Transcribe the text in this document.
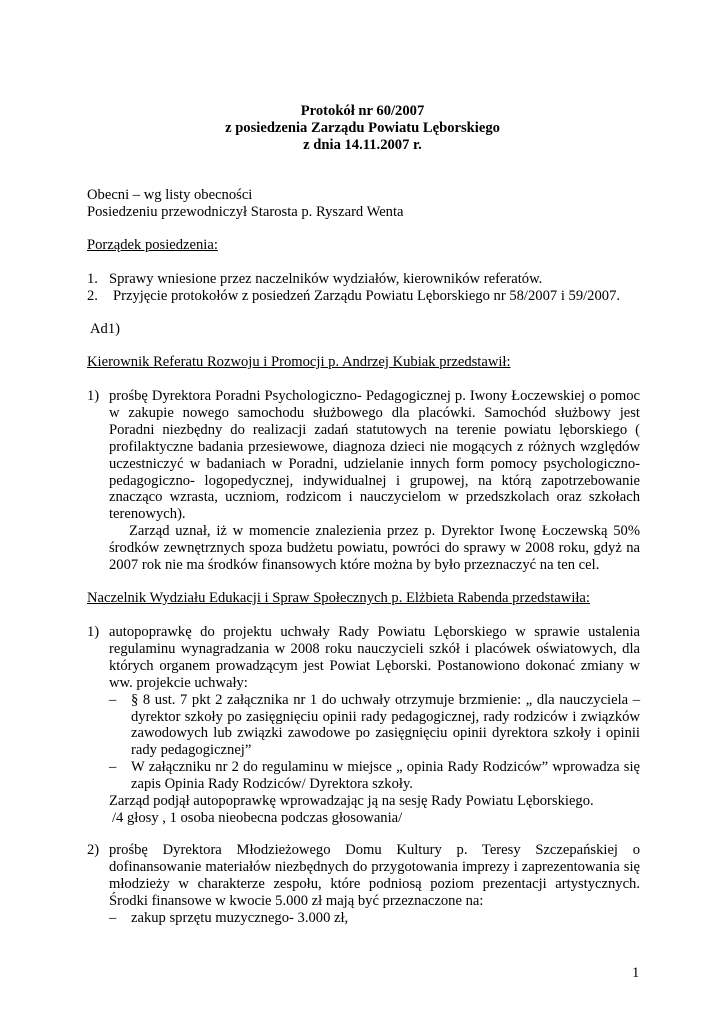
Protokół nr 60/2007
z posiedzenia Zarządu Powiatu Lęborskiego
z dnia 14.11.2007 r.
Obecni – wg listy obecności
Posiedzeniu przewodniczył Starosta p. Ryszard Wenta
Porządek posiedzenia:
1. Sprawy wniesione przez naczelników wydziałów, kierowników referatów.
2. Przyjęcie protokołów z posiedzeń Zarządu Powiatu Lęborskiego nr 58/2007 i 59/2007.
Ad1)
Kierownik Referatu Rozwoju i Promocji p. Andrzej Kubiak przedstawił:
1) prośbę Dyrektora Poradni Psychologiczno- Pedagogicznej p. Iwony Łoczewskiej o pomoc w zakupie nowego samochodu służbowego dla placówki. Samochód służbowy jest Poradni niezbędny do realizacji zadań statutowych na terenie powiatu lęborskiego ( profilaktyczne badania przesiewowe, diagnoza dzieci nie mogących z różnych względów uczestniczyć w badaniach w Poradni, udzielanie innych form pomocy psychologiczno-pedagogiczno- logopedycznej, indywidualnej i grupowej, na którą zapotrzebowanie znacząco wzrasta, uczniom, rodzicom i nauczycielom w przedszkolach oraz szkołach terenowych).
Zarząd uznał, iż w momencie znalezienia przez p. Dyrektor Iwonę Łoczewską 50% środków zewnętrznych spoza budżetu powiatu, powróci do sprawy w 2008 roku, gdyż na 2007 rok nie ma środków finansowych które można by było przeznaczyć na ten cel.
Naczelnik Wydziału Edukacji i Spraw Społecznych p. Elżbieta Rabenda przedstawiła:
1) autopoprawkę do projektu uchwały Rady Powiatu Lęborskiego w sprawie ustalenia regulaminu wynagradzania w 2008 roku nauczycieli szkół i placówek oświatowych, dla których organem prowadzącym jest Powiat Lęborski. Postanowiono dokonać zmiany w ww. projekcie uchwały:
– § 8 ust. 7 pkt 2 załącznika nr 1 do uchwały otrzymuje brzmienie: „ dla nauczyciela – dyrektor szkoły po zasięgnięciu opinii rady pedagogicznej, rady rodziców i związków zawodowych lub związki zawodowe po zasięgnięciu opinii dyrektora szkoły i opinii rady pedagogicznej”
– W załączniku nr 2 do regulaminu w miejsce „ opinia Rady Rodziców” wprowadza się zapis Opinia Rady Rodziców/ Dyrektora szkoły.
Zarząd podjął autopoprawkę wprowadzając ją na sesję Rady Powiatu Lęborskiego.
/4 głosy , 1 osoba nieobecna podczas głosowania/
2) prośbę Dyrektora Młodzieżowego Domu Kultury p. Teresy Szczepańskiej o dofinansowanie materiałów niezbędnych do przygotowania imprezy i zaprezentowania się młodzieży w charakterze zespołu, które podniosą poziom prezentacji artystycznych. Środki finansowe w kwocie 5.000 zł mają być przeznaczone na:
– zakup sprzętu muzycznego- 3.000 zł,
1
